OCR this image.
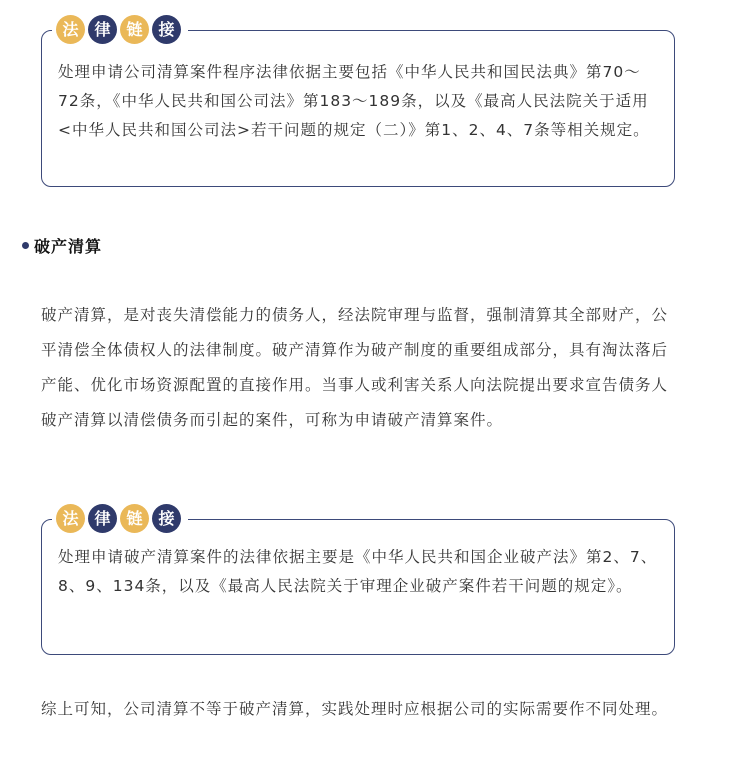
法 律 链 接
处理申请公司清算案件程序法律依据主要包括《中华人民共和国民法典》第70～72条，《中华人民共和国公司法》第183～189条，以及《最高人民法院关于适用<中华人民共和国公司法>若干问题的规定（二）》第1、2、4、7条等相关规定。
破产清算
破产清算，是对丧失清偿能力的债务人，经法院审理与监督，强制清算其全部财产，公平清偿全体债权人的法律制度。破产清算作为破产制度的重要组成部分，具有淘汰落后产能、优化市场资源配置的直接作用。当事人或利害关系人向法院提出要求宣告债务人破产清算以清偿债务而引起的案件，可称为申请破产清算案件。
法 律 链 接
处理申请破产清算案件的法律依据主要是《中华人民共和国企业破产法》第2、7、8、9、134条，以及《最高人民法院关于审理企业破产案件若干问题的规定》。
综上可知，公司清算不等于破产清算，实践处理时应根据公司的实际需要作不同处理。
